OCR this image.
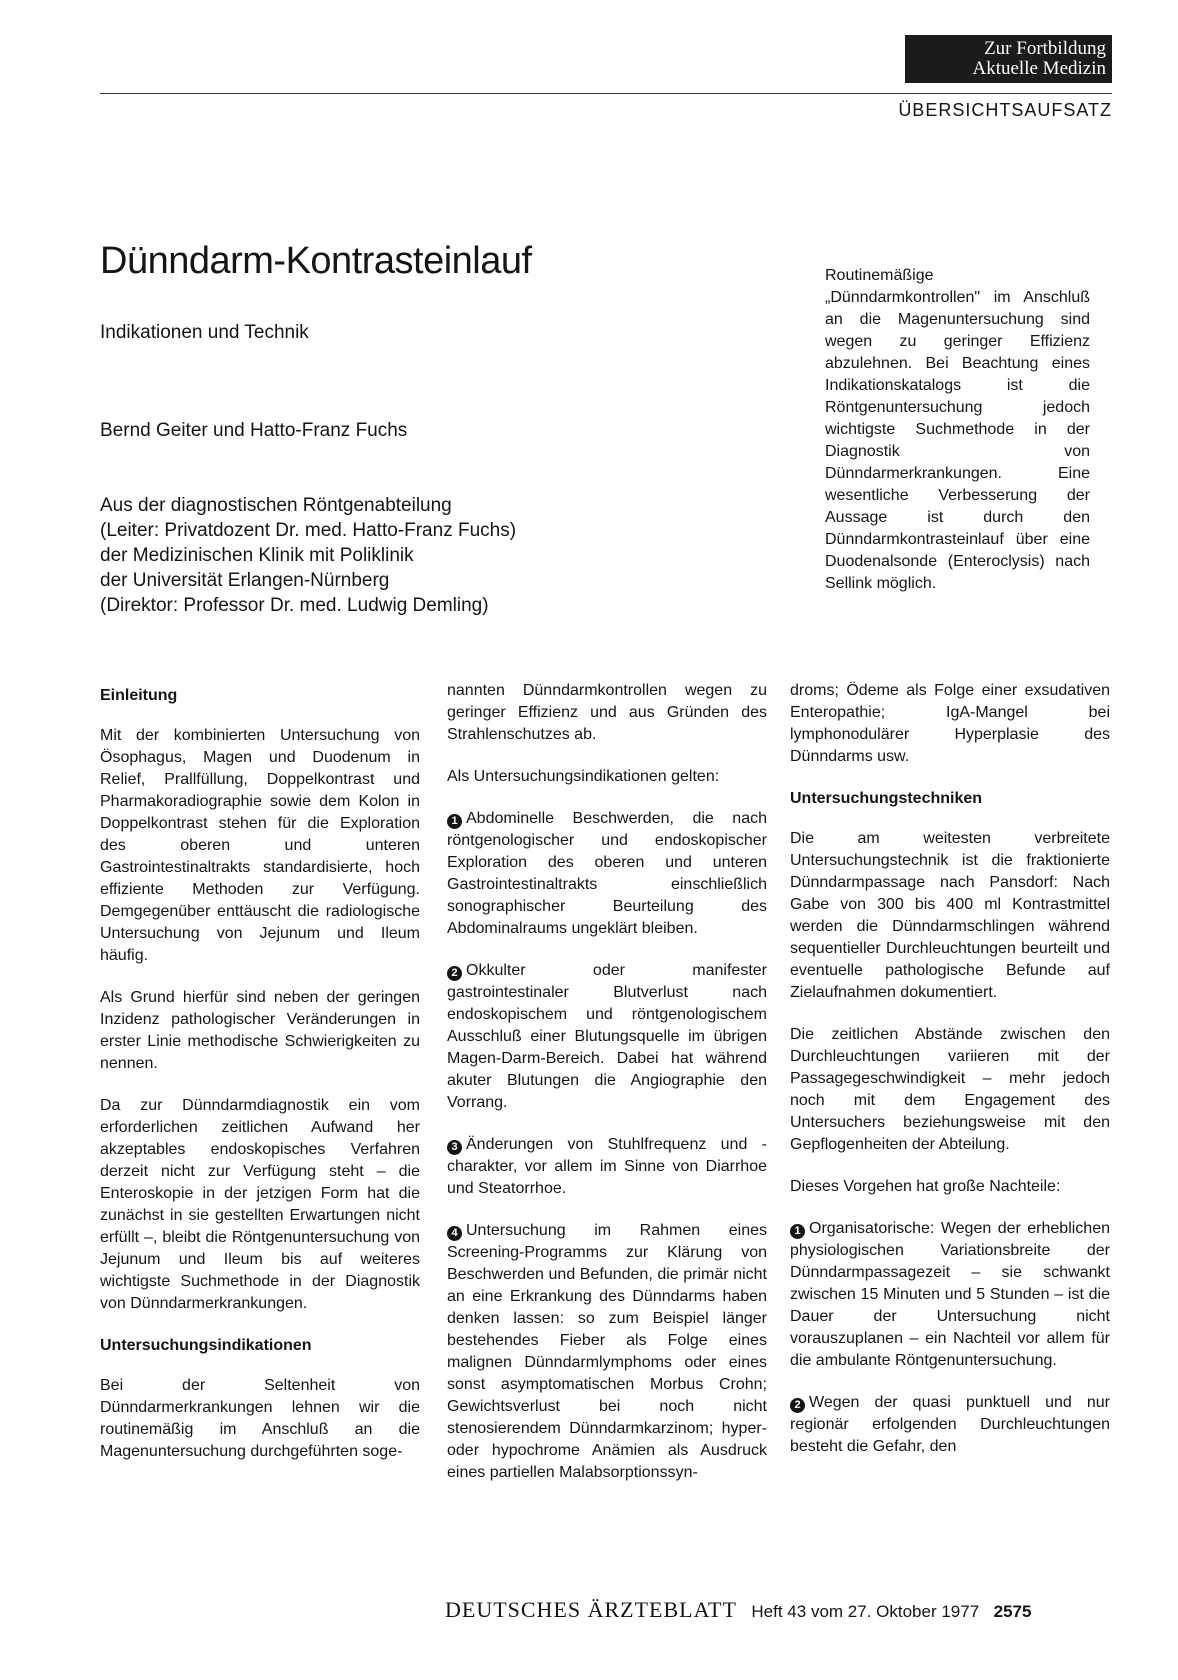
Zur Fortbildung
Aktuelle Medizin
ÜBERSICHTSAUFSATZ
Dünndarm-Kontrasteinlauf
Indikationen und Technik
Bernd Geiter und Hatto-Franz Fuchs
Aus der diagnostischen Röntgenabteilung
(Leiter: Privatdozent Dr. med. Hatto-Franz Fuchs)
der Medizinischen Klinik mit Poliklinik
der Universität Erlangen-Nürnberg
(Direktor: Professor Dr. med. Ludwig Demling)
Routinemäßige „Dünndarmkontrollen" im Anschluß an die Magenuntersuchung sind wegen zu geringer Effizienz abzulehnen. Bei Beachtung eines Indikationskatalogs ist die Röntgenuntersuchung jedoch wichtigste Suchmethode in der Diagnostik von Dünndarmerkrankungen. Eine wesentliche Verbesserung der Aussage ist durch den Dünndarmkontrasteinlauf über eine Duodenalsonde (Enteroclysis) nach Sellink möglich.
Einleitung

Mit der kombinierten Untersuchung von Ösophagus, Magen und Duodenum in Relief, Prallfüllung, Doppelkontrast und Pharmakoradiographie sowie dem Kolon in Doppelkontrast stehen für die Exploration des oberen und unteren Gastrointestinaltrakts standardisierte, hoch effiziente Methoden zur Verfügung. Demgegenüber enttäuscht die radiologische Untersuchung von Jejunum und Ileum häufig.

Als Grund hierfür sind neben der geringen Inzidenz pathologischer Veränderungen in erster Linie methodische Schwierigkeiten zu nennen.

Da zur Dünndarmdiagnostik ein vom erforderlichen zeitlichen Aufwand her akzeptables endoskopisches Verfahren derzeit nicht zur Verfügung steht – die Enteroskopie in der jetzigen Form hat die zunächst in sie gestellten Erwartungen nicht erfüllt –, bleibt die Röntgenuntersuchung von Jejunum und Ileum bis auf weiteres wichtigste Suchmethode in der Diagnostik von Dünndarmerkrankungen.

Untersuchungsindikationen

Bei der Seltenheit von Dünndarmerkrankungen lehnen wir die routinemäßig im Anschluß an die Magenuntersuchung durchgeführten soge-

nannten Dünndarmkontrollen wegen zu geringer Effizienz und aus Gründen des Strahlenschutzes ab.

Als Untersuchungsindikationen gelten:

1 Abdominelle Beschwerden, die nach röntgenologischer und endoskopischer Exploration des oberen und unteren Gastrointestinaltrakts einschließlich sonographischer Beurteilung des Abdominalraums ungeklärt bleiben.

2 Okkulter oder manifester gastrointestinaler Blutverlust nach endoskopischem und röntgenologischem Ausschluß einer Blutungsquelle im übrigen Magen-Darm-Bereich. Dabei hat während akuter Blutungen die Angiographie den Vorrang.

3 Änderungen von Stuhlfrequenz und -charakter, vor allem im Sinne von Diarrhoe und Steatorrhoe.

4 Untersuchung im Rahmen eines Screening-Programms zur Klärung von Beschwerden und Befunden, die primär nicht an eine Erkrankung des Dünndarms haben denken lassen: so zum Beispiel länger bestehendes Fieber als Folge eines malignen Dünndarmlymphoms oder eines sonst asymptomatischen Morbus Crohn; Gewichtsverlust bei noch nicht stenosierendem Dünndarmkarzinom; hyper- oder hypochrome Anämien als Ausdruck eines partiellen Malabsorptionssyn-

droms; Ödeme als Folge einer exsudativen Enteropathie; IgA-Mangel bei lymphonodulärer Hyperplasie des Dünndarms usw.

Untersuchungstechniken

Die am weitesten verbreitete Untersuchungstechnik ist die fraktionierte Dünndarmpassage nach Pansdorf: Nach Gabe von 300 bis 400 ml Kontrastmittel werden die Dünndarmschlingen während sequentieller Durchleuchtungen beurteilt und eventuelle pathologische Befunde auf Zielaufnahmen dokumentiert.

Die zeitlichen Abstände zwischen den Durchleuchtungen variieren mit der Passagegeschwindigkeit – mehr jedoch noch mit dem Engagement des Untersuchers beziehungsweise mit den Gepflogenheiten der Abteilung.

Dieses Vorgehen hat große Nachteile:

1 Organisatorische: Wegen der erheblichen physiologischen Variationsbreite der Dünndarmpassagezeit – sie schwankt zwischen 15 Minuten und 5 Stunden – ist die Dauer der Untersuchung nicht vorauszuplanen – ein Nachteil vor allem für die ambulante Röntgenuntersuchung.

2 Wegen der quasi punktuell und nur regionär erfolgenden Durchleuchtungen besteht die Gefahr, den

DEUTSCHES ÄRZTEBLATT Heft 43 vom 27. Oktober 1977 2575
